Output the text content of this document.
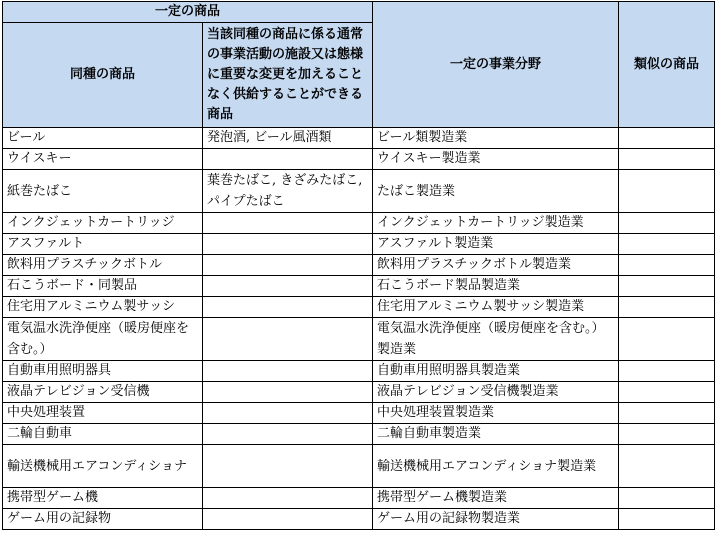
一定の商品		一定の事業分野	類似の商品
同種の商品	当該同種の商品に係る通常の事業活動の施設又は態様に重要な変更を加えることなく供給することができる商品		
ビール	発泡酒, ビール風酒類	ビール類製造業	
ウイスキー		ウイスキー製造業	
紙巻たばこ	葉巻たばこ, きざみたばこ, パイプたばこ	たばこ製造業	
インクジェットカートリッジ		インクジェットカートリッジ製造業	
アスファルト		アスファルト製造業	
飲料用プラスチックボトル		飲料用プラスチックボトル製造業	
石こうボード・同製品		石こうボード製品製造業	
住宅用アルミニウム製サッシ		住宅用アルミニウム製サッシ製造業	
電気温水洗浄便座（暖房便座を含む。）		電気温水洗浄便座（暖房便座を含む。）製造業	
自動車用照明器具		自動車用照明器具製造業	
液晶テレビジョン受信機		液晶テレビジョン受信機製造業	
中央処理装置		中央処理装置製造業	
二輪自動車		二輪自動車製造業	
輸送機械用エアコンディショナ		輸送機械用エアコンディショナ製造業	
携帯型ゲーム機		携帯型ゲーム機製造業	
ゲーム用の記録物		ゲーム用の記録物製造業	
